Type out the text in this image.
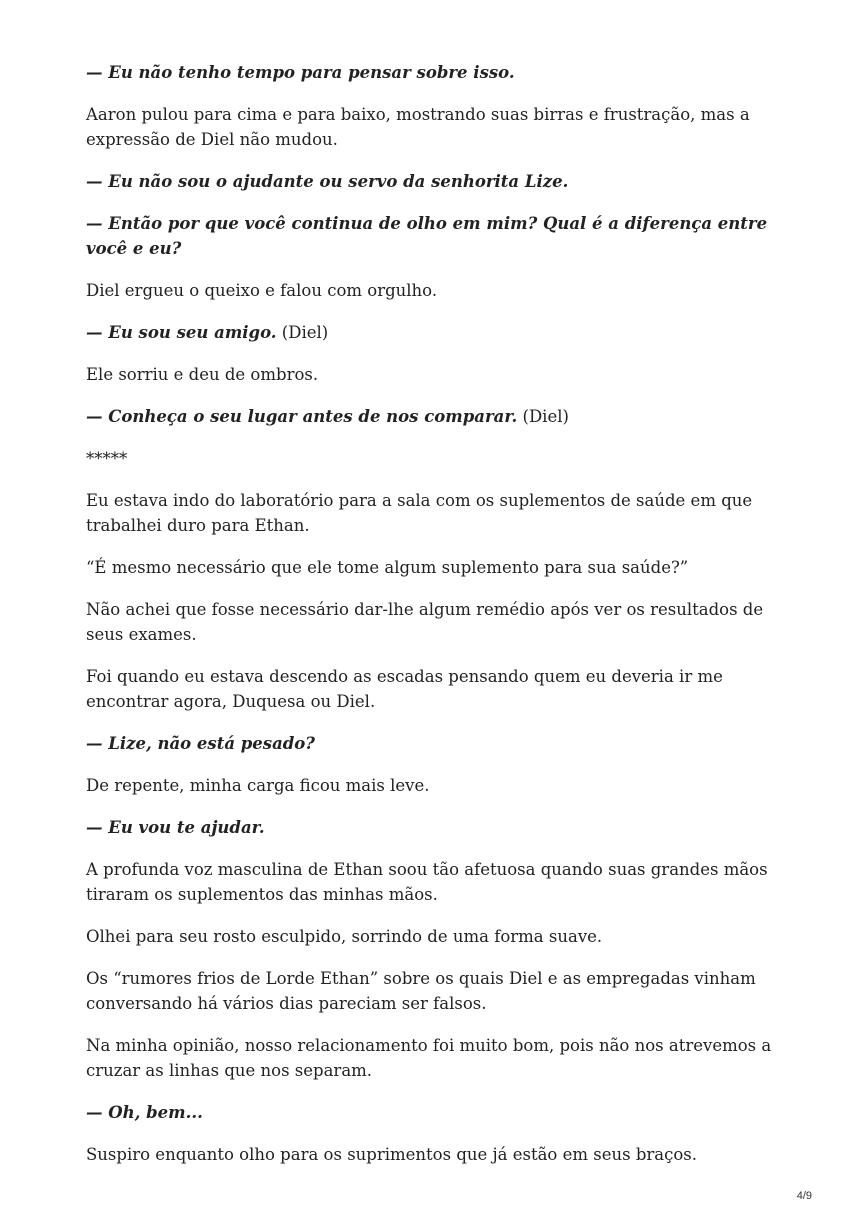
— Eu não tenho tempo para pensar sobre isso.

Aaron pulou para cima e para baixo, mostrando suas birras e frustração, mas a expressão de Diel não mudou.

— Eu não sou o ajudante ou servo da senhorita Lize.

— Então por que você continua de olho em mim? Qual é a diferença entre você e eu?

Diel ergueu o queixo e falou com orgulho.

— Eu sou seu amigo. (Diel)

Ele sorriu e deu de ombros.

— Conheça o seu lugar antes de nos comparar. (Diel)

*****

Eu estava indo do laboratório para a sala com os suplementos de saúde em que trabalhei duro para Ethan.

“É mesmo necessário que ele tome algum suplemento para sua saúde?”

Não achei que fosse necessário dar-lhe algum remédio após ver os resultados de seus exames.

Foi quando eu estava descendo as escadas pensando quem eu deveria ir me encontrar agora, Duquesa ou Diel.

— Lize, não está pesado?

De repente, minha carga ficou mais leve.

— Eu vou te ajudar.

A profunda voz masculina de Ethan soou tão afetuosa quando suas grandes mãos tiraram os suplementos das minhas mãos.

Olhei para seu rosto esculpido, sorrindo de uma forma suave.

Os “rumores frios de Lorde Ethan” sobre os quais Diel e as empregadas vinham conversando há vários dias pareciam ser falsos.

Na minha opinião, nosso relacionamento foi muito bom, pois não nos atrevemos a cruzar as linhas que nos separam.

— Oh, bem...

Suspiro enquanto olho para os suprimentos que já estão em seus braços.

4/9
